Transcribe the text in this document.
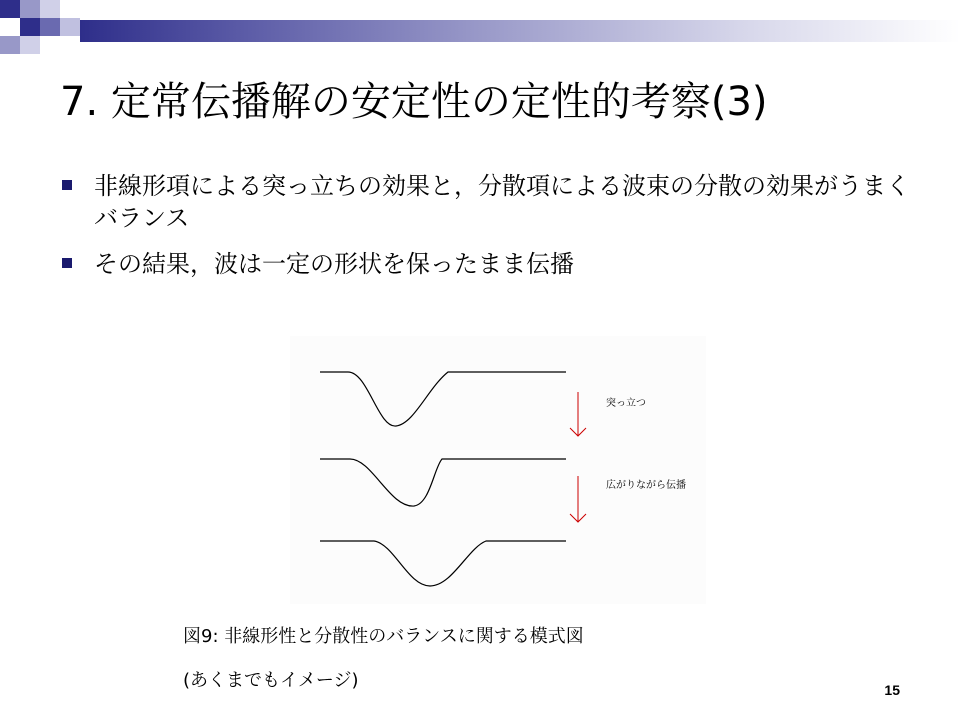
7. 定常伝播解の安定性の定性的考察(3)
非線形項による突っ立ちの効果と，分散項による波束の分散の効果がうまくバランス
その結果，波は一定の形状を保ったまま伝播
突っ立つ
広がりながら伝播
図9: 非線形性と分散性のバランスに関する模式図
(あくまでもイメージ)	15
